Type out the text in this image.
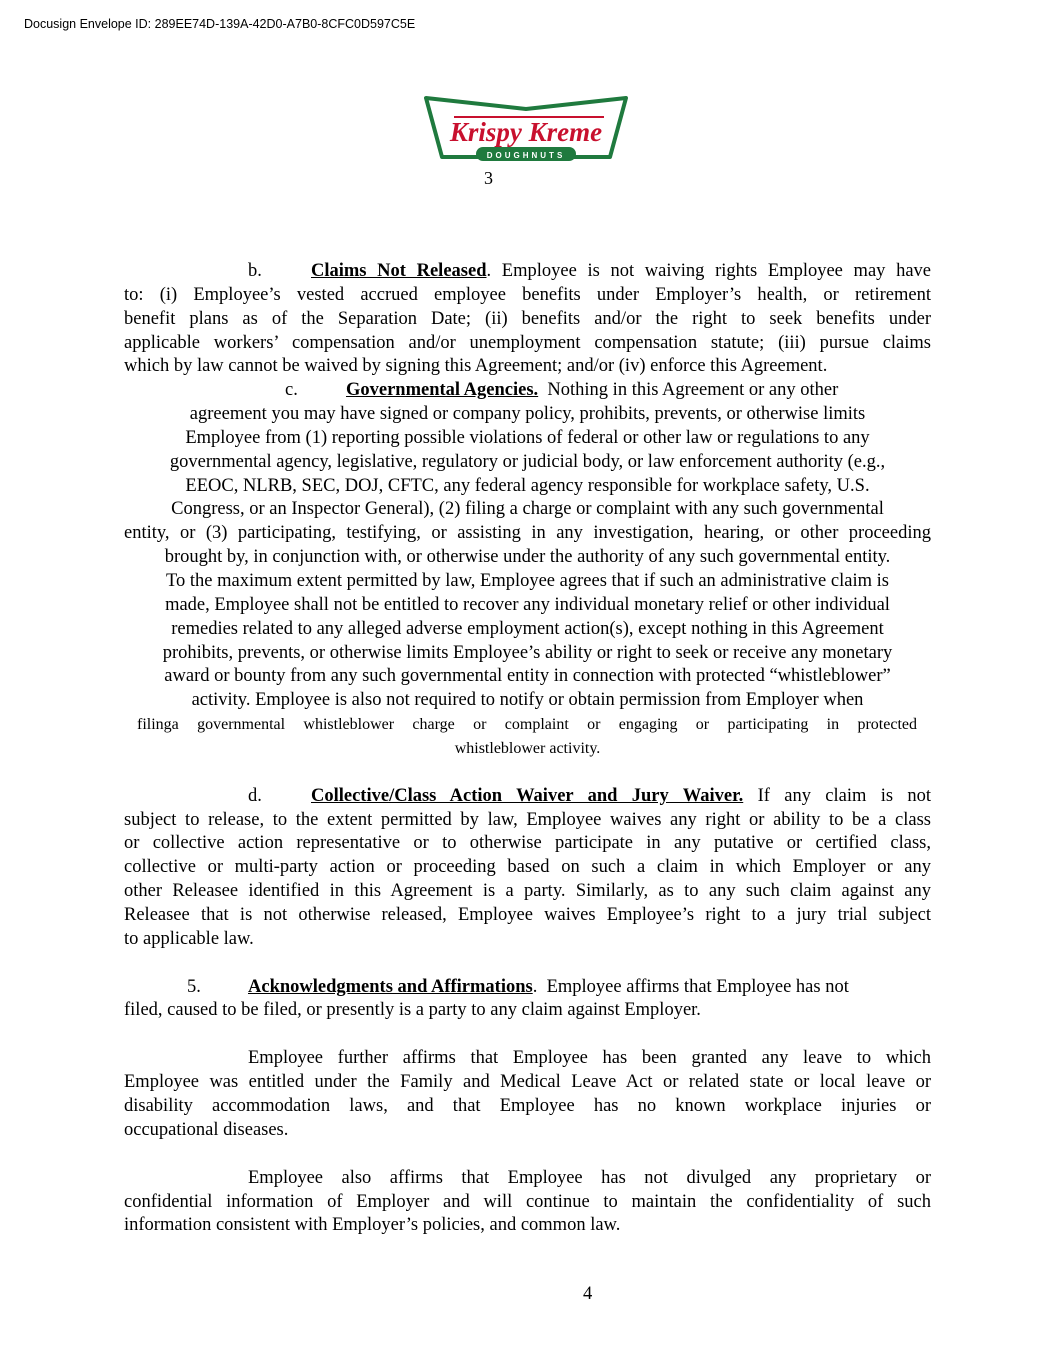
Docusign Envelope ID: 289EE74D-139A-42D0-A7B0-8CFC0D597C5E
Krispy Kreme
DOUGHNUTS
3
b.	Claims Not Released. Employee is not waiving rights Employee may have
to: (i) Employee’s vested accrued employee benefits under Employer’s health, or retirement
benefit plans as of the Separation Date; (ii) benefits and/or the right to seek benefits under
applicable workers’ compensation and/or unemployment compensation statute; (iii) pursue claims
which by law cannot be waived by signing this Agreement; and/or (iv) enforce this Agreement.
c.	Governmental Agencies.  Nothing in this Agreement or any other
agreement you may have signed or company policy, prohibits, prevents, or otherwise limits
Employee from (1) reporting possible violations of federal or other law or regulations to any
governmental agency, legislative, regulatory or judicial body, or law enforcement authority (e.g.,
EEOC, NLRB, SEC, DOJ, CFTC, any federal agency responsible for workplace safety, U.S.
Congress, or an Inspector General), (2) filing a charge or complaint with any such governmental
entity, or (3) participating, testifying, or assisting in any investigation, hearing, or other proceeding
brought by, in conjunction with, or otherwise under the authority of any such governmental entity.
To the maximum extent permitted by law, Employee agrees that if such an administrative claim is
made, Employee shall not be entitled to recover any individual monetary relief or other individual
remedies related to any alleged adverse employment action(s), except nothing in this Agreement
prohibits, prevents, or otherwise limits Employee’s ability or right to seek or receive any monetary
award or bounty from any such governmental entity in connection with protected “whistleblower”
activity. Employee is also not required to notify or obtain permission from Employer when
filinga governmental whistleblower charge or complaint or engaging or participating in protected
whistleblower activity.
d.	Collective/Class Action Waiver and Jury Waiver. If any claim is not
subject to release, to the extent permitted by law, Employee waives any right or ability to be a class
or collective action representative or to otherwise participate in any putative or certified class,
collective or multi-party action or proceeding based on such a claim in which Employer or any
other Releasee identified in this Agreement is a party. Similarly, as to any such claim against any
Releasee that is not otherwise released, Employee waives Employee’s right to a jury trial subject
to applicable law.
5.	Acknowledgments and Affirmations.  Employee affirms that Employee has not
filed, caused to be filed, or presently is a party to any claim against Employer.
Employee further affirms that Employee has been granted any leave to which
Employee was entitled under the Family and Medical Leave Act or related state or local leave or
disability accommodation laws, and that Employee has no known workplace injuries or
occupational diseases.
Employee also affirms that Employee has not divulged any proprietary or
confidential information of Employer and will continue to maintain the confidentiality of such
information consistent with Employer’s policies, and common law.
4
